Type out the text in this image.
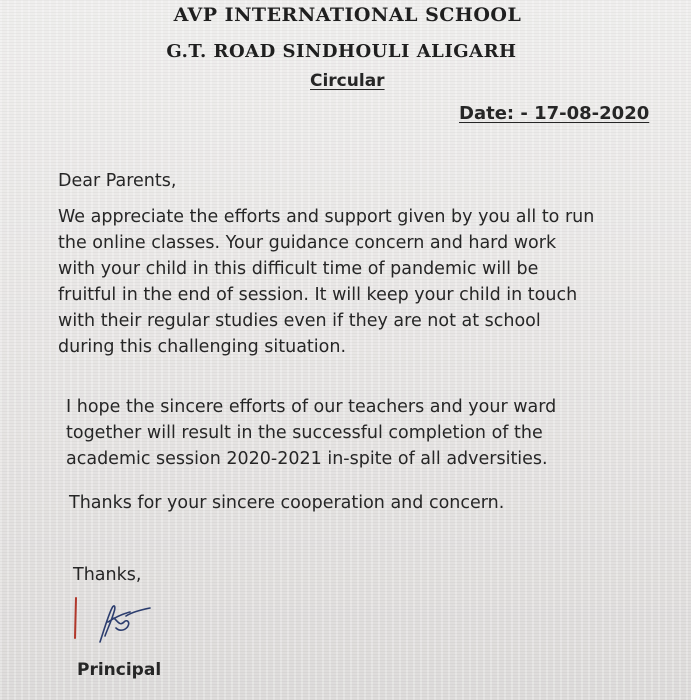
AVP INTERNATIONAL SCHOOL
G.T. ROAD SINDHOULI ALIGARH
Circular
Date: - 17-08-2020
Dear Parents,
We appreciate the efforts and support given by you all to run
the online classes. Your guidance concern and hard work
with your child in this difficult time of pandemic will be
fruitful in the end of session. It will keep your child in touch
with their regular studies even if they are not at school
during this challenging situation.
I hope the sincere efforts of our teachers and your ward
together will result in the successful completion of the
academic session 2020-2021 in-spite of all adversities.
Thanks for your sincere cooperation and concern.
Thanks,
Principal
